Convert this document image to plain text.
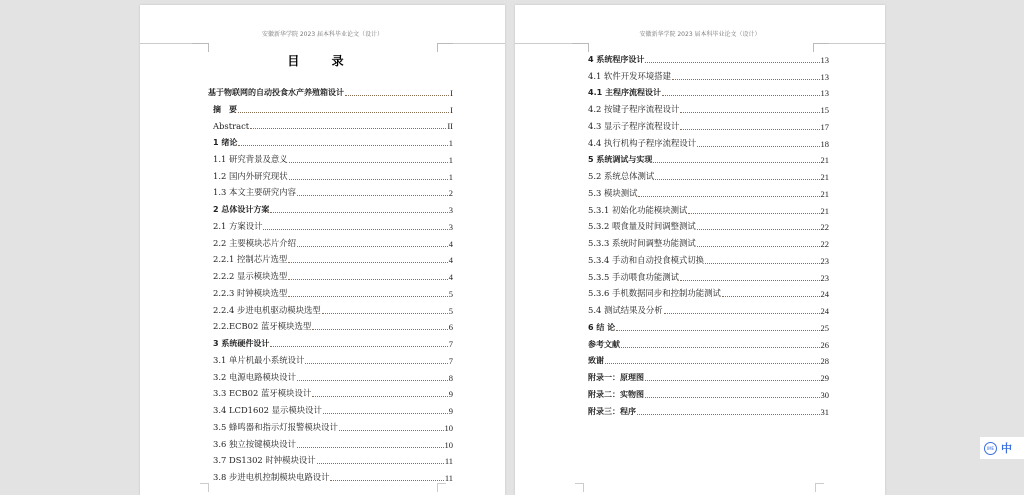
安徽新华学院 2023 届本科毕业论文（设计）
目 录
基于物联网的自动投食水产养殖箱设计	I
摘　要	I
Abstract	II
1 绪论	1
1.1 研究背景及意义	1
1.2 国内外研究现状	1
1.3 本文主要研究内容	2
2 总体设计方案	3
2.1 方案设计	3
2.2 主要模块芯片介绍	4
2.2.1 控制芯片选型	4
2.2.2 显示模块选型	4
2.2.3 时钟模块选型	5
2.2.4 步进电机驱动模块选型	5
2.2.ECB02 蓝牙模块选型	6
3 系统硬件设计	7
3.1 单片机最小系统设计	7
3.2 电源电路模块设计	8
3.3 ECB02 蓝牙模块设计	9
3.4 LCD1602 显示模块设计	9
3.5 蜂鸣器和指示灯报警模块设计	10
3.6 独立按键模块设计	10
3.7 DS1302 时钟模块设计	11
3.8 步进电机控制模块电路设计	11
安徽新华学院 2023 届本科毕业论文（设计）
4 系统程序设计	13
4.1 软件开发环境搭建	13
4.1 主程序流程设计	13
4.2 按键子程序流程设计	15
4.3 显示子程序流程设计	17
4.4 执行机构子程序流程设计	18
5 系统调试与实现	21
5.2 系统总体测试	21
5.3 模块测试	21
5.3.1 初始化功能模块测试	21
5.3.2 喂食量及时间调整测试	22
5.3.3 系统时间调整功能测试	22
5.3.4 手动和自动投食模式切换	23
5.3.5 手动喂食功能测试	23
5.3.6 手机数据同步和控制功能测试	24
5.4 测试结果及分析	24
6 结 论	25
参考文献	26
致谢	28
附录一：原理图	29
附录二：实物图	30
附录三：程序	31
IME 中
